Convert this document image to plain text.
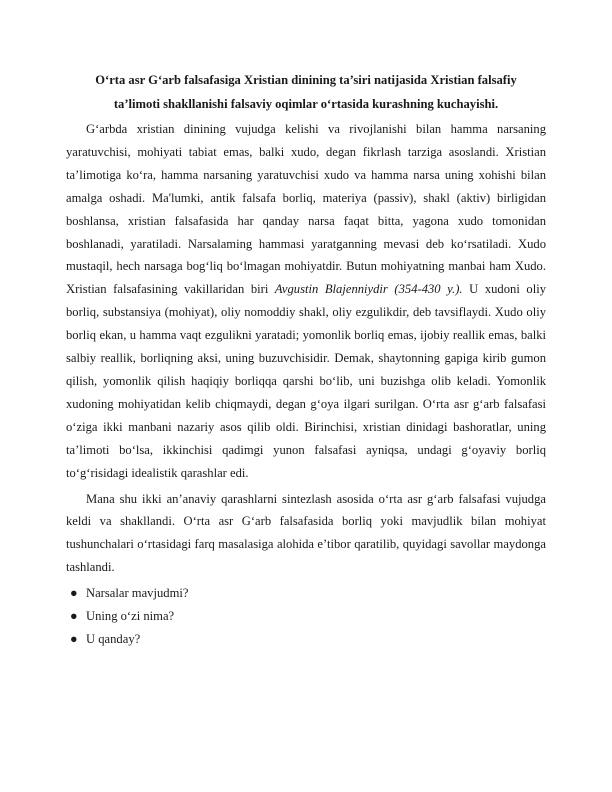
O‘rta asr G‘arb falsafasiga Xristian dinining ta’siri natijasida Xristian falsafiy
ta’limoti shakllanishi falsaviy oqimlar o‘rtasida kurashning kuchayishi.

G‘arbda xristian dinining vujudga kelishi va rivojlanishi bilan hamma narsaning yaratuvchisi, mohiyati tabiat emas, balki xudo, degan fikrlash tarziga asoslandi. Xristian ta’limotiga ko‘ra, hamma narsaning yaratuvchisi xudo va hamma narsa uning xohishi bilan amalga oshadi. Ma'lumki, antik falsafa borliq, materiya (passiv), shakl (aktiv) birligidan boshlansa, xristian falsafasida har qanday narsa faqat bitta, yagona xudo tomonidan boshlanadi, yaratiladi. Narsalaming hammasi yaratganning mevasi deb ko‘rsatiladi. Xudo mustaqil, hech narsaga bog‘liq bo‘lmagan mohiyatdir. Butun mohiyatning manbai ham Xudo. Xristian falsafasining vakillaridan biri Avgustin Blajenniydir (354-430 y.). U xudoni oliy borliq, substansiya (mohiyat), oliy nomoddiy shakl, oliy ezgulikdir, deb tavsiflaydi. Xudo oliy borliq ekan, u hamma vaqt ezgulikni yaratadi; yomonlik borliq emas, ijobiy reallik emas, balki salbiy reallik, borliqning aksi, uning buzuvchisidir. Demak, shaytonning gapiga kirib gumon qilish, yomonlik qilish haqiqiy borliqqa qarshi bo‘lib, uni buzishga olib keladi. Yomonlik xudoning mohiyatidan kelib chiqmaydi, degan g‘oya ilgari surilgan. O‘rta asr g‘arb falsafasi o‘ziga ikki manbani nazariy asos qilib oldi. Birinchisi, xristian dinidagi bashoratlar, uning ta’limoti bo‘lsa, ikkinchisi qadimgi yunon falsafasi ayniqsa, undagi g‘oyaviy borliq to‘g‘risidagi idealistik qarashlar edi.

Mana shu ikki an’anaviy qarashlarni sintezlash asosida o‘rta asr g‘arb falsafasi vujudga keldi va shakllandi. O‘rta asr G‘arb falsafasida borliq yoki mavjudlik bilan mohiyat tushunchalari o‘rtasidagi farq masalasiga alohida e’tibor qaratilib, quyidagi savollar maydonga tashlandi.

● Narsalar mavjudmi?
● Uning o‘zi nima?
● U qanday?
